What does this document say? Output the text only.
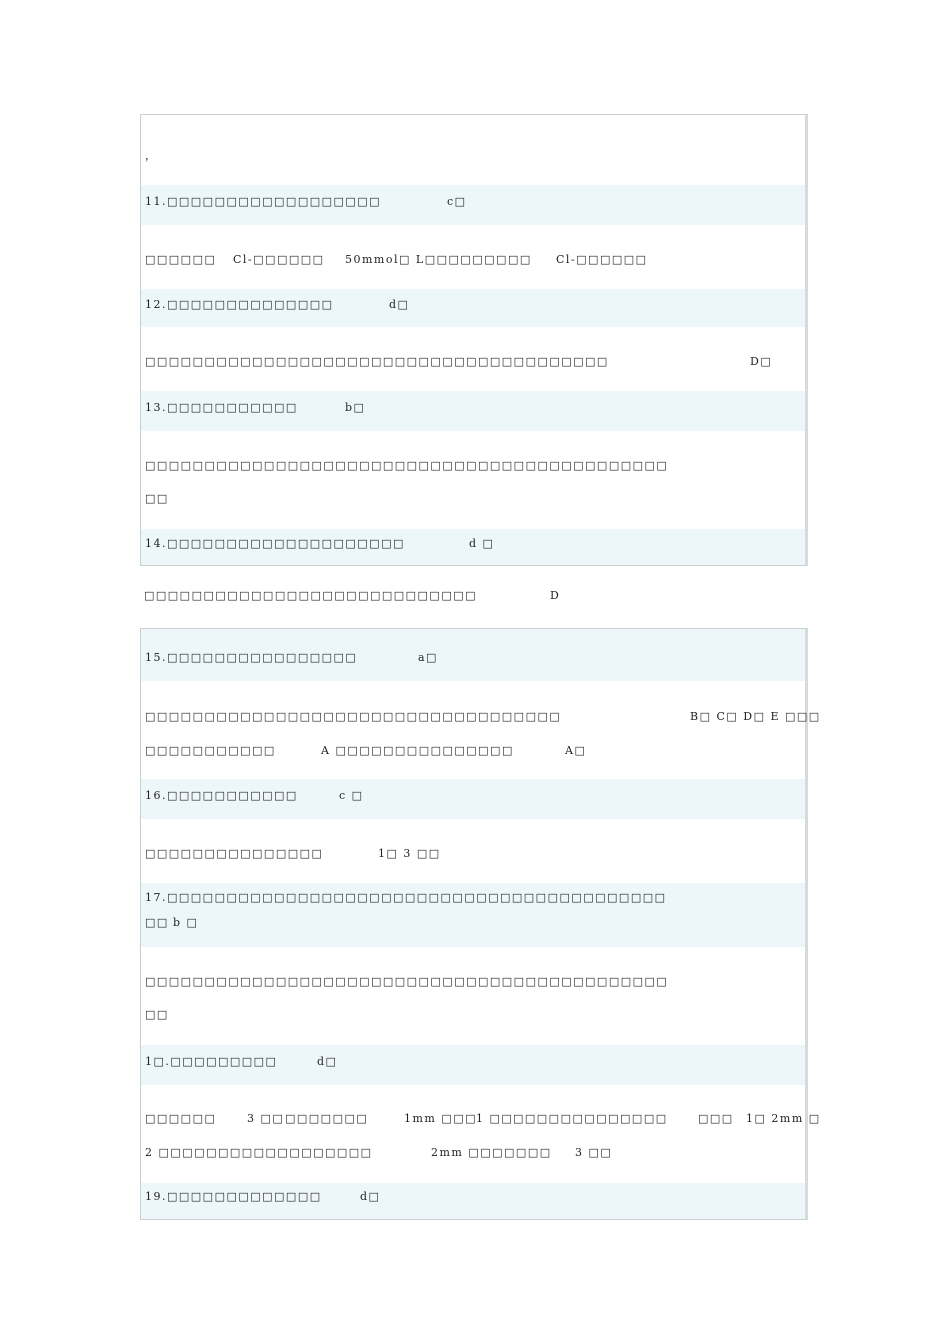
，
11.□□□□□□□□□□□□□□□□□□	c□
□□□□□□ Cl-□□□□□□ 50mmol□ L□□□□□□□□□ Cl-□□□□□□
12.□□□□□□□□□□□□□□	d□
□□□□□□□□□□□□□□□□□□□□□□□□□□□□□□□□□□□□□□□	D□
13.□□□□□□□□□□□	b□
□□□□□□□□□□□□□□□□□□□□□□□□□□□□□□□□□□□□□□□□□□□□
□□
14.□□□□□□□□□□□□□□□□□□□□	d □
□□□□□□□□□□□□□□□□□□□□□□□□□□□□	D
15.□□□□□□□□□□□□□□□□	a□
□□□□□□□□□□□□□□□□□□□□□□□□□□□□□□□□□□□	B□ C□ D□ E □□□
□□□□□□□□□□□	A □□□□□□□□□□□□□□□	A□
16.□□□□□□□□□□□	c □
□□□□□□□□□□□□□□□	1□ 3 □□
17.□□□□□□□□□□□□□□□□□□□□□□□□□□□□□□□□□□□□□□□□□□
□□ b □
□□□□□□□□□□□□□□□□□□□□□□□□□□□□□□□□□□□□□□□□□□□□
□□
1□.□□□□□□□□□	d□
□□□□□□	3 □□ □□□□□□□	1mm □□□
1 □□ □□□□□□□□□□□□□	□□□ 1□ 2mm □
2 □□□□□□□□□□□□□□□□□□	2mm □□□□□□□ 3 □□
19.□□□□□□□□□□□□□	d□
